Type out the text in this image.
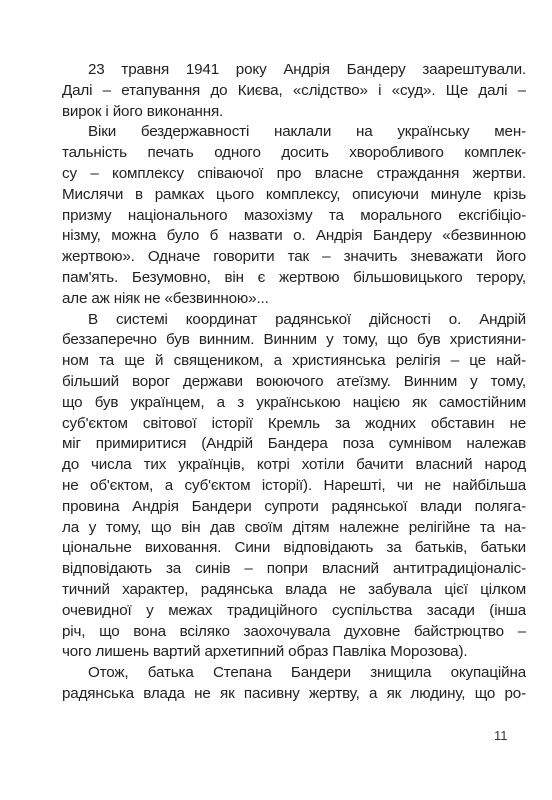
23 травня 1941 року Андрія Бандеру заарештували.
Далі – етапування до Києва, «слідство» і «суд». Ще далі –
вирок і його виконання.

Віки бездержавності наклали на українську мен-
тальність печать одного досить хворобливого комплек-
су – комплексу співаючої про власне страждання жертви.
Мислячи в рамках цього комплексу, описуючи минуле крізь
призму національного мазохізму та морального ексгібіціо-
нізму, можна було б назвати о. Андрія Бандеру «безвинною
жертвою». Одначе говорити так – значить зневажати його
пам'ять. Безумовно, він є жертвою більшовицького терору,
але аж ніяк не «безвинною»...

В системі координат радянської дійсності о. Андрій
беззаперечно був винним. Винним у тому, що був християни-
ном та ще й священиком, а християнська релігія – це най-
більший ворог держави воюючого атеїзму. Винним у тому,
що був українцем, а з українською нацією як самостійним
суб'єктом світової історії Кремль за жодних обставин не
міг примиритися (Андрій Бандера поза сумнівом належав
до числа тих українців, котрі хотіли бачити власний народ
не об'єктом, а суб'єктом історії). Нарешті, чи не найбільша
провина Андрія Бандери супроти радянської влади полягa-
ла у тому, що він дав своїм дітям належне релігійне та на-
ціональне виховання. Сини відповідають за батьків, батьки
відповідають за синів – попри власний антитрадиціоналіс-
тичний характер, радянська влада не забувала цієї цілком
очевидної у межах традиційного суспільства засади (інша
річ, що вона всіляко заохочувала духовне байстрюцтво –
чого лишень вартий архетипний образ Павліка Морозова).

Отож, батька Степана Бандери знищила окупаційна
радянська влада не як пасивну жертву, а як людину, що ро-

11
